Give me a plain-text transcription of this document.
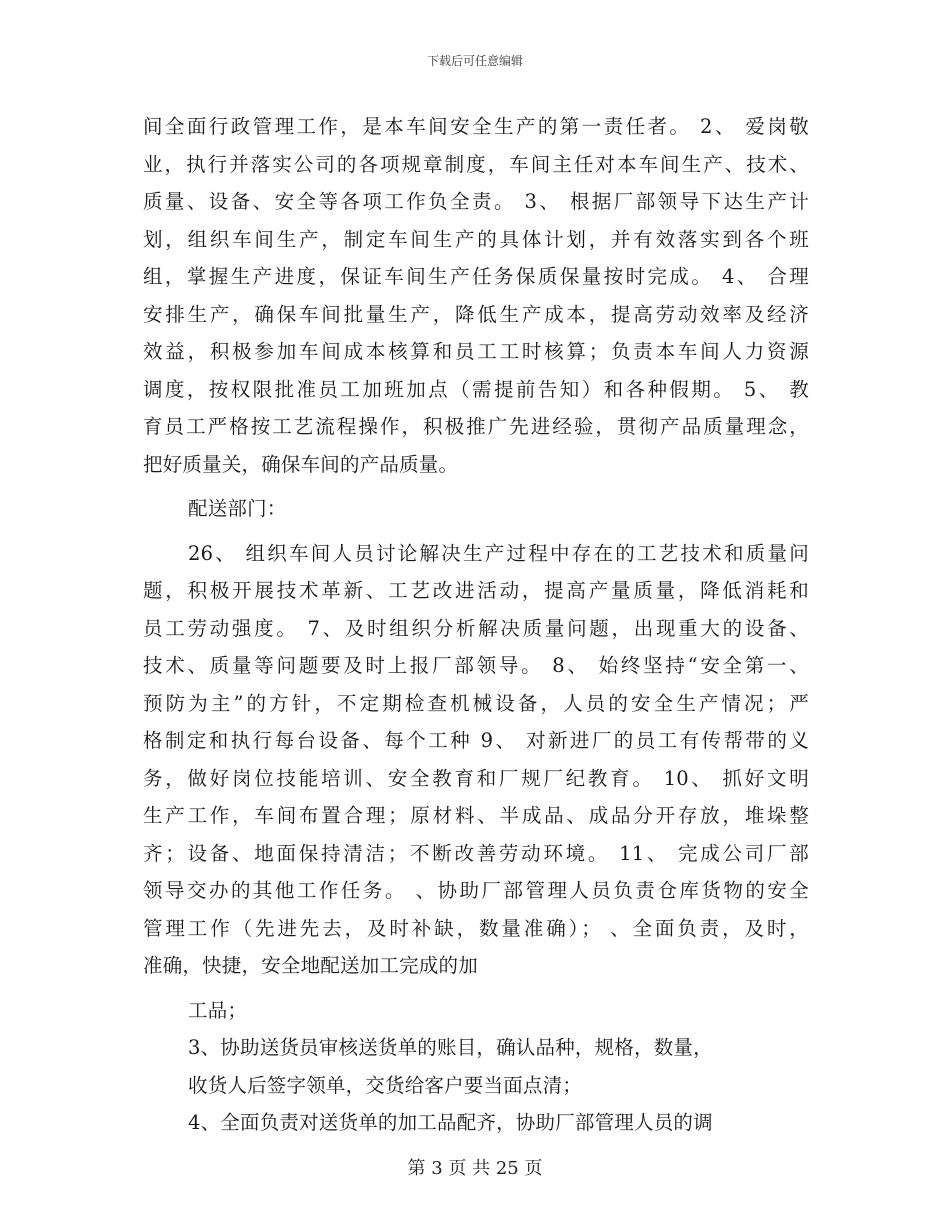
下载后可任意编辑
间全面行政管理工作，是本车间安全生产的第一责任者。 2、 爱岗敬
业，执行并落实公司的各项规章制度，车间主任对本车间生产、技术、
质量、设备、安全等各项工作负全责。 3、 根据厂部领导下达生产计
划，组织车间生产，制定车间生产的具体计划，并有效落实到各个班
组，掌握生产进度，保证车间生产任务保质保量按时完成。 4、 合理
安排生产，确保车间批量生产，降低生产成本，提高劳动效率及经济
效益，积极参加车间成本核算和员工工时核算；负责本车间人力资源
调度，按权限批准员工加班加点（需提前告知）和各种假期。 5、 教
育员工严格按工艺流程操作，积极推广先进经验，贯彻产品质量理念，
把好质量关，确保车间的产品质量。
配送部门：
26、 组织车间人员讨论解决生产过程中存在的工艺技术和质量问
题，积极开展技术革新、工艺改进活动，提高产量质量，降低消耗和
员工劳动强度。 7、及时组织分析解决质量问题，出现重大的设备、
技术、质量等问题要及时上报厂部领导。 8、 始终坚持“安全第一、
预防为主”的方针，不定期检查机械设备，人员的安全生产情况；严
格制定和执行每台设备、每个工种 9、 对新进厂的员工有传帮带的义
务，做好岗位技能培训、安全教育和厂规厂纪教育。 10、 抓好文明
生产工作，车间布置合理；原材料、半成品、成品分开存放，堆垛整
齐；设备、地面保持清洁；不断改善劳动环境。 11、 完成公司厂部
领导交办的其他工作任务。 、协助厂部管理人员负责仓库货物的安全
管理工作（先进先去，及时补缺，数量准确）； 、全面负责，及时，
准确，快捷，安全地配送加工完成的加
工品；
3、协助送货员审核送货单的账目，确认品种，规格，数量，
收货人后签字领单，交货给客户要当面点清；
4、全面负责对送货单的加工品配齐，协助厂部管理人员的调
第 3 页 共 25 页
